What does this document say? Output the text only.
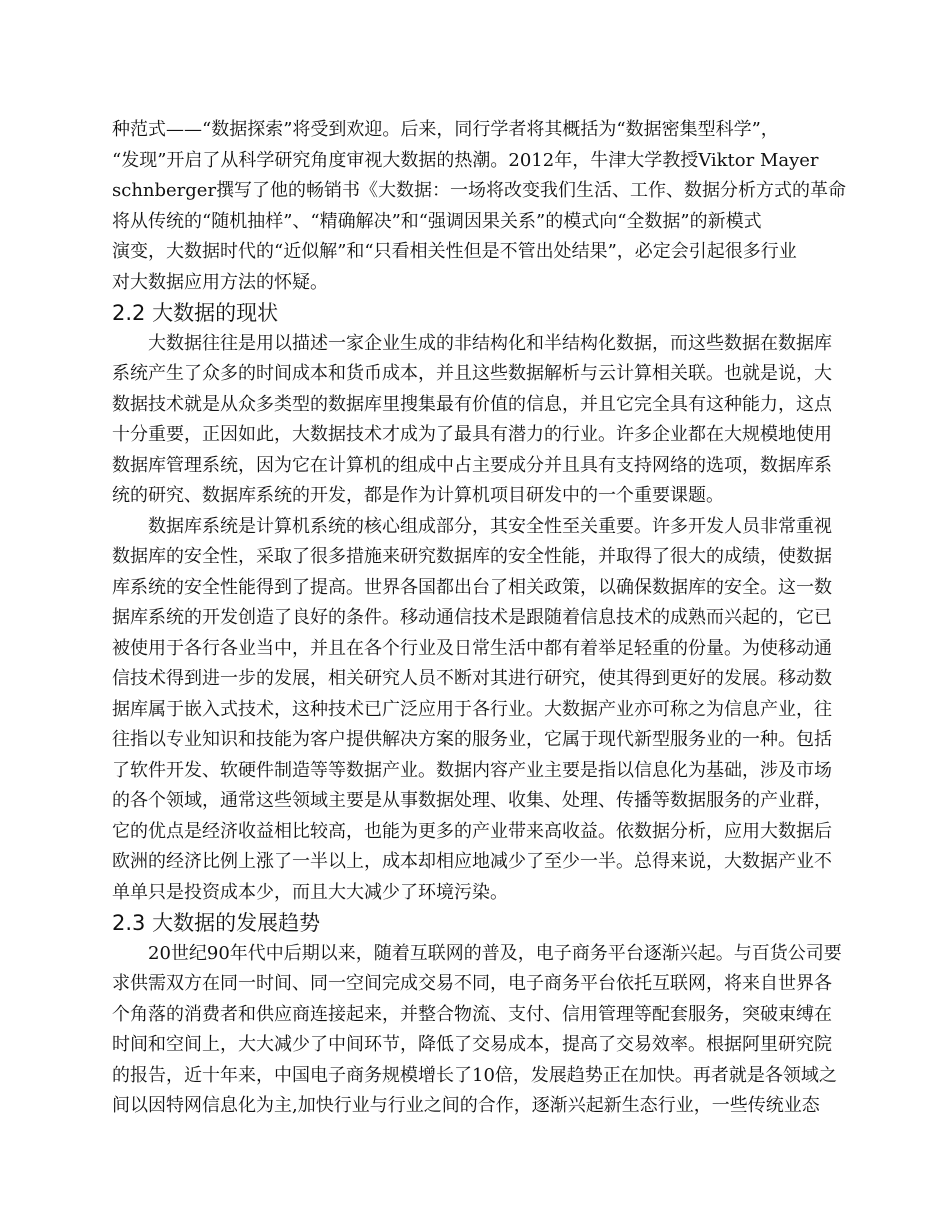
种范式——“数据探索”将受到欢迎。后来，同行学者将其概括为“数据密集型科学”，
“发现”开启了从科学研究角度审视大数据的热潮。2012年，牛津大学教授Viktor Mayer
schnberger撰写了他的畅销书《大数据：一场将改变我们生活、工作、数据分析方式的革命
将从传统的“随机抽样”、“精确解决”和“强调因果关系”的模式向“全数据”的新模式
演变，大数据时代的“近似解”和“只看相关性但是不管出处结果”，必定会引起很多行业
对大数据应用方法的怀疑。
2.2 大数据的现状
大数据往往是用以描述一家企业生成的非结构化和半结构化数据，而这些数据在数据库
系统产生了众多的时间成本和货币成本，并且这些数据解析与云计算相关联。也就是说，大
数据技术就是从众多类型的数据库里搜集最有价值的信息，并且它完全具有这种能力，这点
十分重要，正因如此，大数据技术才成为了最具有潜力的行业。许多企业都在大规模地使用
数据库管理系统，因为它在计算机的组成中占主要成分并且具有支持网络的选项，数据库系
统的研究、数据库系统的开发，都是作为计算机项目研发中的一个重要课题。
数据库系统是计算机系统的核心组成部分，其安全性至关重要。许多开发人员非常重视
数据库的安全性，采取了很多措施来研究数据库的安全性能，并取得了很大的成绩，使数据
库系统的安全性能得到了提高。世界各国都出台了相关政策，以确保数据库的安全。这一数
据库系统的开发创造了良好的条件。移动通信技术是跟随着信息技术的成熟而兴起的，它已
被使用于各行各业当中，并且在各个行业及日常生活中都有着举足轻重的份量。为使移动通
信技术得到进一步的发展，相关研究人员不断对其进行研究，使其得到更好的发展。移动数
据库属于嵌入式技术，这种技术已广泛应用于各行业。大数据产业亦可称之为信息产业，往
往指以专业知识和技能为客户提供解决方案的服务业，它属于现代新型服务业的一种。包括
了软件开发、软硬件制造等等数据产业。数据内容产业主要是指以信息化为基础，涉及市场
的各个领域，通常这些领域主要是从事数据处理、收集、处理、传播等数据服务的产业群，
它的优点是经济收益相比较高，也能为更多的产业带来高收益。依数据分析，应用大数据后
欧洲的经济比例上涨了一半以上，成本却相应地减少了至少一半。总得来说，大数据产业不
单单只是投资成本少，而且大大减少了环境污染。
2.3 大数据的发展趋势
20世纪90年代中后期以来，随着互联网的普及，电子商务平台逐渐兴起。与百货公司要
求供需双方在同一时间、同一空间完成交易不同，电子商务平台依托互联网，将来自世界各
个角落的消费者和供应商连接起来，并整合物流、支付、信用管理等配套服务，突破束缚在
时间和空间上，大大减少了中间环节，降低了交易成本，提高了交易效率。根据阿里研究院
的报告，近十年来，中国电子商务规模增长了10倍，发展趋势正在加快。再者就是各领域之
间以因特网信息化为主,加快行业与行业之间的合作，逐渐兴起新生态行业，一些传统业态
